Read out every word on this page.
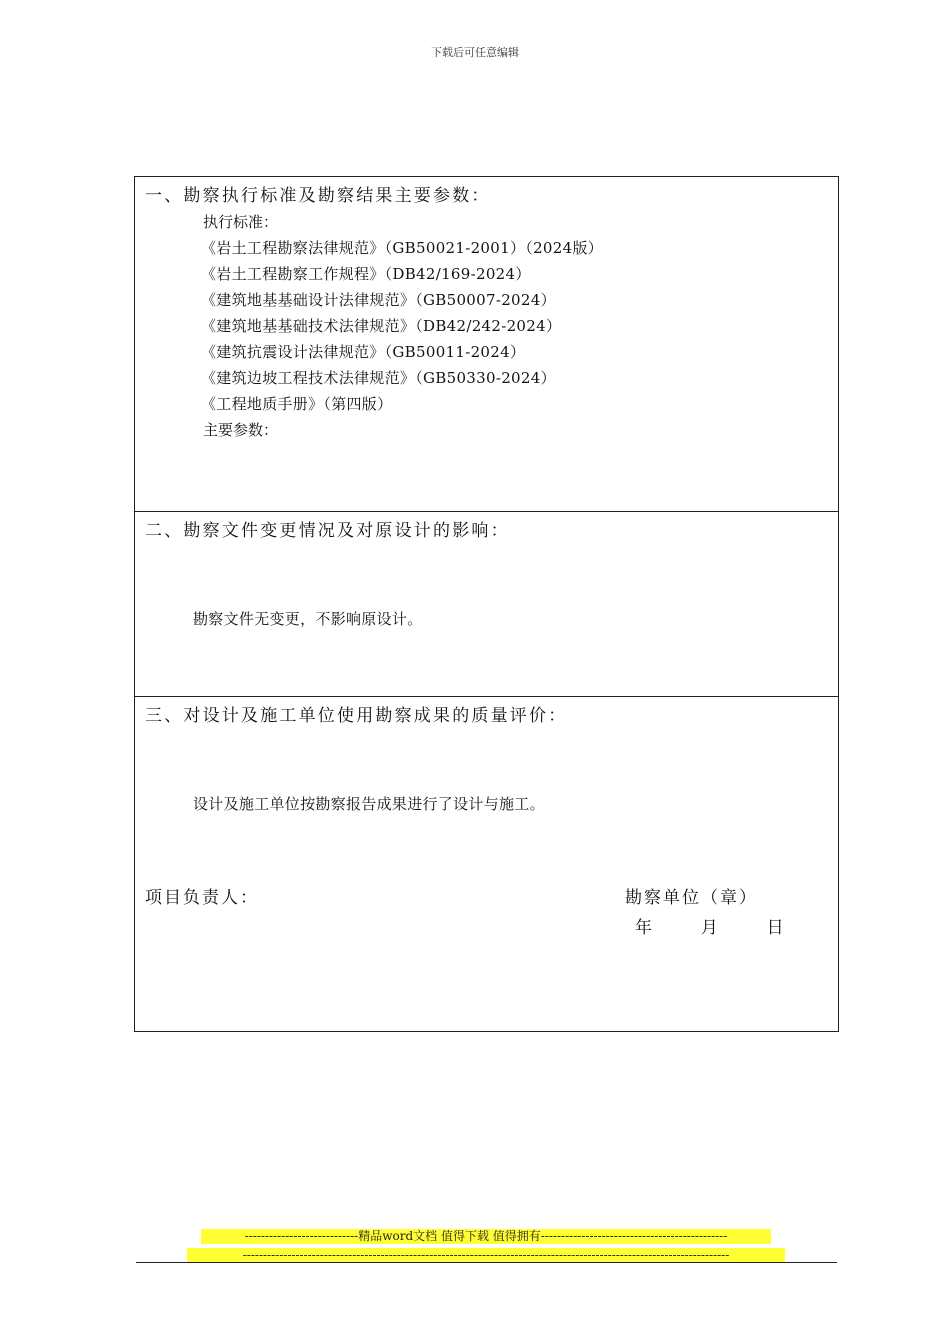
下载后可任意编辑
一、勘察执行标准及勘察结果主要参数：
执行标准：
《岩土工程勘察法律规范》（GB50021-2001）（2024版）
《岩土工程勘察工作规程》（DB42/169-2024）
《建筑地基基础设计法律规范》（GB50007-2024）
《建筑地基基础技术法律规范》（DB42/242-2024）
《建筑抗震设计法律规范》（GB50011-2024）
《建筑边坡工程技术法律规范》（GB50330-2024）
《工程地质手册》（第四版）
主要参数：
二、勘察文件变更情况及对原设计的影响：
勘察文件无变更，不影响原设计。
三、对设计及施工单位使用勘察成果的质量评价：
设计及施工单位按勘察报告成果进行了设计与施工。
项目负责人：	勘察单位（章）
年	月	日
----------------------------精品word文档 值得下载 值得拥有----------------------------------------------
------------------------------------------------------------------------------------------------------------------------
